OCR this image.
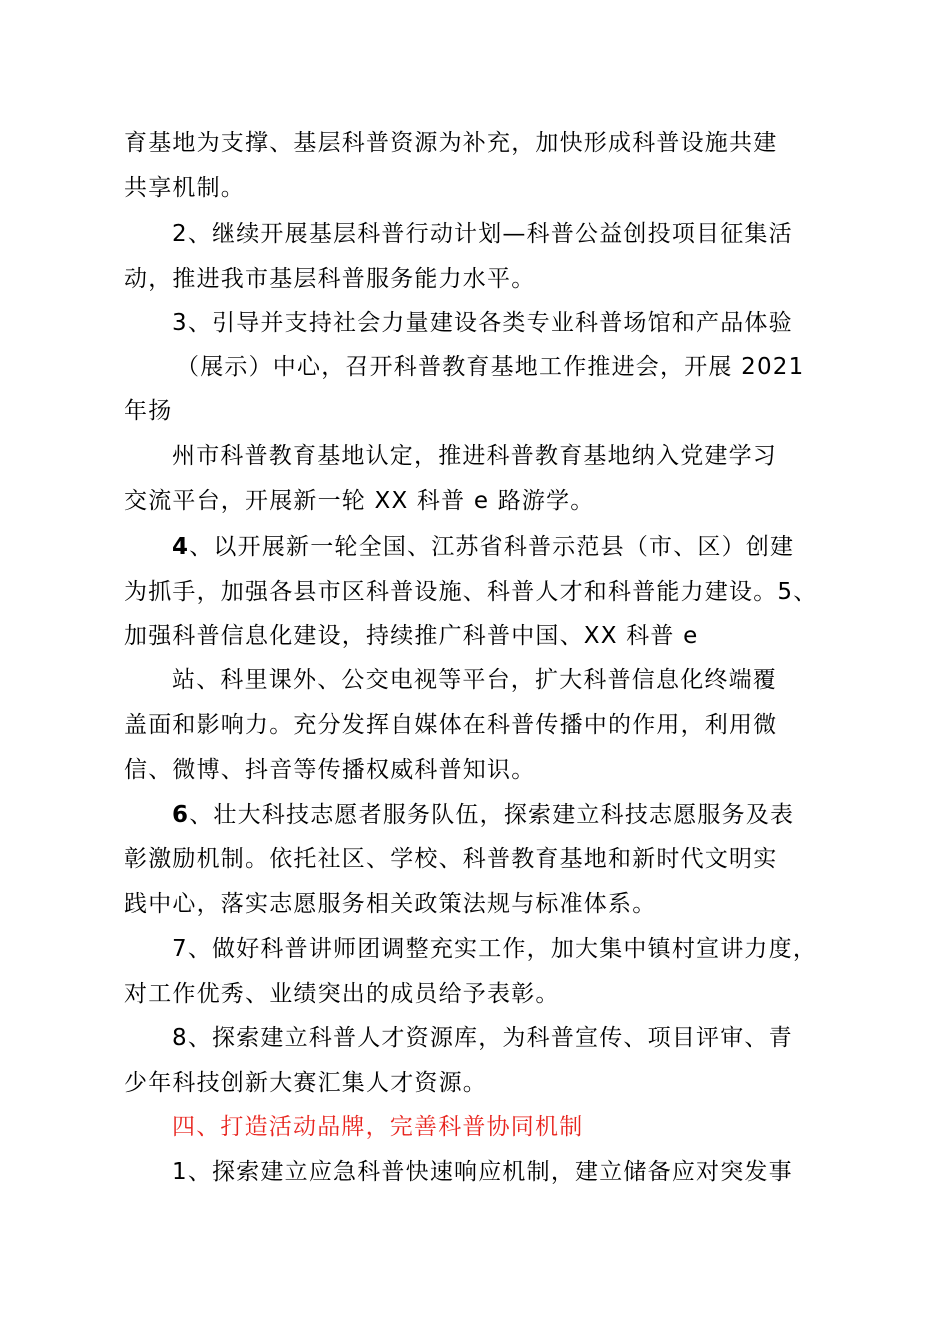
育基地为支撑、基层科普资源为补充，加快形成科普设施共建
共享机制。
2、继续开展基层科普行动计划—科普公益创投项目征集活
动，推进我市基层科普服务能力水平。
3、引导并支持社会力量建设各类专业科普场馆和产品体验
（展示）中心，召开科普教育基地工作推进会，开展 2021
年扬
州市科普教育基地认定，推进科普教育基地纳入党建学习
交流平台，开展新一轮 XX 科普 e 路游学。
4、以开展新一轮全国、江苏省科普示范县（市、区）创建
为抓手，加强各县市区科普设施、科普人才和科普能力建设。5、
加强科普信息化建设，持续推广科普中国、XX 科普 e
站、科里课外、公交电视等平台，扩大科普信息化终端覆
盖面和影响力。充分发挥自媒体在科普传播中的作用，利用微
信、微博、抖音等传播权威科普知识。
6、壮大科技志愿者服务队伍，探索建立科技志愿服务及表
彰激励机制。依托社区、学校、科普教育基地和新时代文明实
践中心，落实志愿服务相关政策法规与标准体系。
7、做好科普讲师团调整充实工作，加大集中镇村宣讲力度，
对工作优秀、业绩突出的成员给予表彰。
8、探索建立科普人才资源库，为科普宣传、项目评审、青
少年科技创新大赛汇集人才资源。
四、打造活动品牌，完善科普协同机制
1、探索建立应急科普快速响应机制，建立储备应对突发事
